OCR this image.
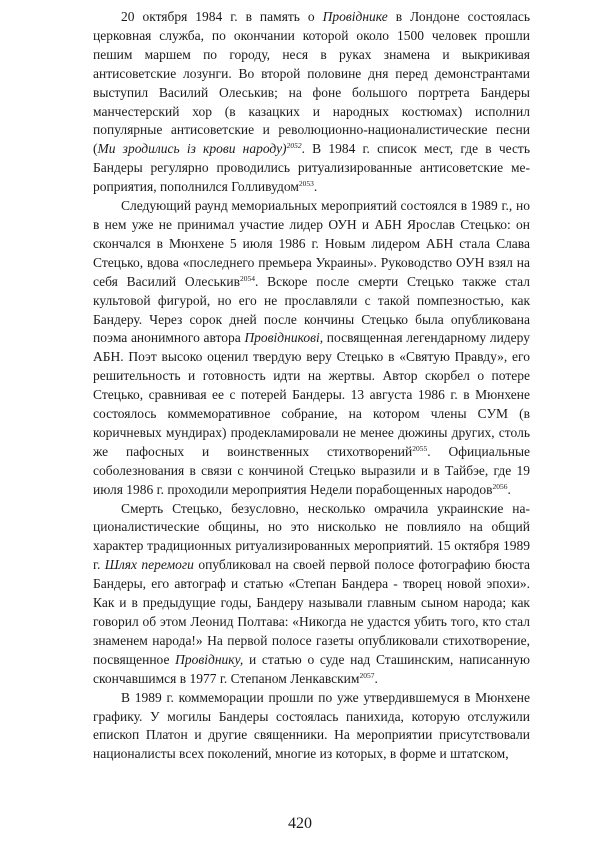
20 октября 1984 г. в память о Провіднике в Лондоне состоялась церковная служба, по окончании которой около 1500 человек прошли пешим маршем по городу, неся в руках знамена и выкрикивая антисоветские лозунги. Во второй половине дня перед демонстрантами выступил Василий Олеськив; на фоне большого портрета Бандеры манчестерский хор (в казацких и народных костюмах) исполнил популярные антисоветские и революционно-националистические песни (Ми зродились із крови народу)$^{2052}$. В 1984 г. список мест, где в честь Бандеры регулярно проводились ритуализированные антисоветские мероприятия, пополнился Голливудом$^{2053}$.

Следующий раунд мемориальных мероприятий состоялся в 1989 г., но в нем уже не принимал участие лидер ОУН и АБН Ярослав Стецько: он скончался в Мюнхене 5 июля 1986 г. Новым лидером АБН стала Слава Стецько, вдова «последнего премьера Украины». Руководство ОУН взял на себя Василий Олеськив$^{2054}$. Вскоре после смерти Стецько также стал культовой фигурой, но его не прославляли с такой помпезностью, как Бандеру. Через сорок дней после кончины Стецько была опубликована поэма анонимного автора Провідникові, посвященная легендарному лидеру АБН. Поэт высоко оценил твердую веру Стецько в «Святую Правду», его решительность и готовность идти на жертвы. Автор скорбел о потере Стецько, сравнивая ее с потерей Бандеры. 13 августа 1986 г. в Мюнхене состоялось коммеморативное собрание, на котором члены СУМ (в коричневых мундирах) продекламировали не менее дюжины других, столь же пафосных и воинственных стихотворений$^{2055}$. Официальные соболезнования в связи с кончиной Стецько выразили и в Тайбэе, где 19 июля 1986 г. проходили мероприятия Недели порабощенных народов$^{2056}$.

Смерть Стецько, безусловно, несколько омрачила украинские националистические общины, но это нисколько не повлияло на общий характер традиционных ритуализированных мероприятий. 15 октября 1989 г. Шлях перемоги опубликовал на своей первой полосе фотографию бюста Бандеры, его автограф и статью «Степан Бандера - творец новой эпохи». Как и в предыдущие годы, Бандеру называли главным сыном народа; как говорил об этом Леонид Полтава: «Никогда не удастся убить того, кто стал знаменем народа!» На первой полосе газеты опубликовали стихотворение, посвященное Провіднику, и статью о суде над Сташинским, написанную скончавшимся в 1977 г. Степаном Ленкавским$^{2057}$.

В 1989 г. коммеморации прошли по уже утвердившемуся в Мюнхене графику. У могилы Бандеры состоялась панихида, которую отслужили епископ Платон и другие священники. На мероприятии присутствовали националисты всех поколений, многие из которых, в форме и штатском,

420
